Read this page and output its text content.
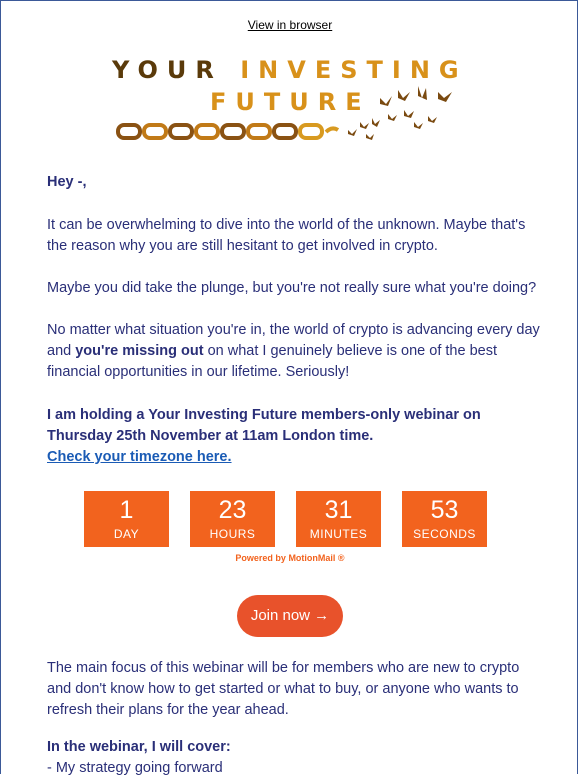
View in browser
YOUR INVESTING
FUTURE
Hey -,
It can be overwhelming to dive into the world of the unknown. Maybe that's the reason why you are still hesitant to get involved in crypto.
Maybe you did take the plunge, but you're not really sure what you're doing?
No matter what situation you're in, the world of crypto is advancing every day and you're missing out on what I genuinely believe is one of the best financial opportunities in our lifetime. Seriously!
I am holding a Your Investing Future members-only webinar on Thursday 25th November at 11am London time.
Check your timezone here.
1
DAY
23
HOURS
31
MINUTES
53
SECONDS
Powered by MotionMail ®
Join now →
The main focus of this webinar will be for members who are new to crypto and don't know how to get started or what to buy, or anyone who wants to refresh their plans for the year ahead.
In the webinar, I will cover:
- My strategy going forward
